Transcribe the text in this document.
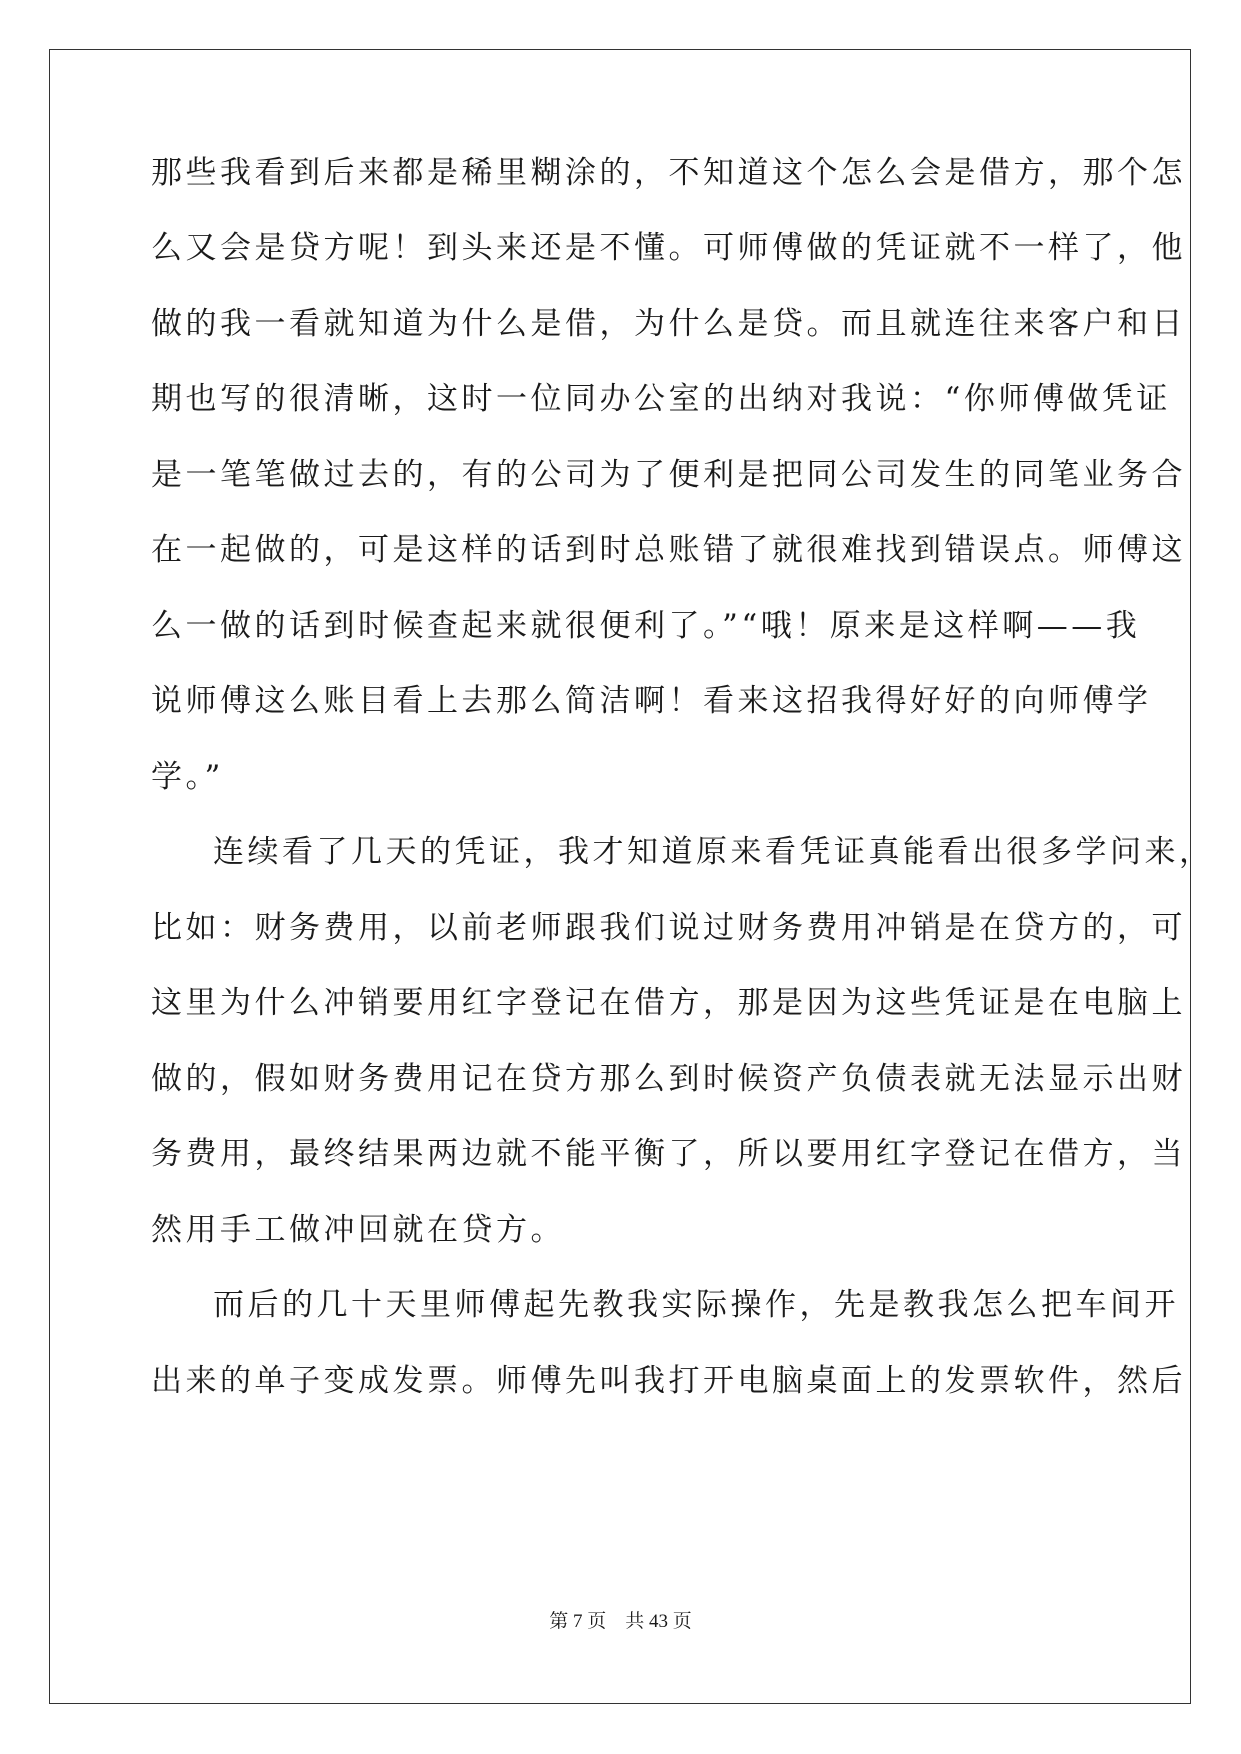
那些我看到后来都是稀里糊涂的，不知道这个怎么会是借方，那个怎
么又会是贷方呢！到头来还是不懂。可师傅做的凭证就不一样了，他
做的我一看就知道为什么是借，为什么是贷。而且就连往来客户和日
期也写的很清晰，这时一位同办公室的出纳对我说：“你师傅做凭证
是一笔笔做过去的，有的公司为了便利是把同公司发生的同笔业务合
在一起做的，可是这样的话到时总账错了就很难找到错误点。师傅这
么一做的话到时候查起来就很便利了。”“哦！原来是这样啊——我
说师傅这么账目看上去那么简洁啊！看来这招我得好好的向师傅学
学。”
连续看了几天的凭证，我才知道原来看凭证真能看出很多学问来，
比如：财务费用，以前老师跟我们说过财务费用冲销是在贷方的，可
这里为什么冲销要用红字登记在借方，那是因为这些凭证是在电脑上
做的，假如财务费用记在贷方那么到时候资产负债表就无法显示出财
务费用，最终结果两边就不能平衡了，所以要用红字登记在借方，当
然用手工做冲回就在贷方。
而后的几十天里师傅起先教我实际操作，先是教我怎么把车间开
出来的单子变成发票。师傅先叫我打开电脑桌面上的发票软件，然后
第 7 页 共 43 页
